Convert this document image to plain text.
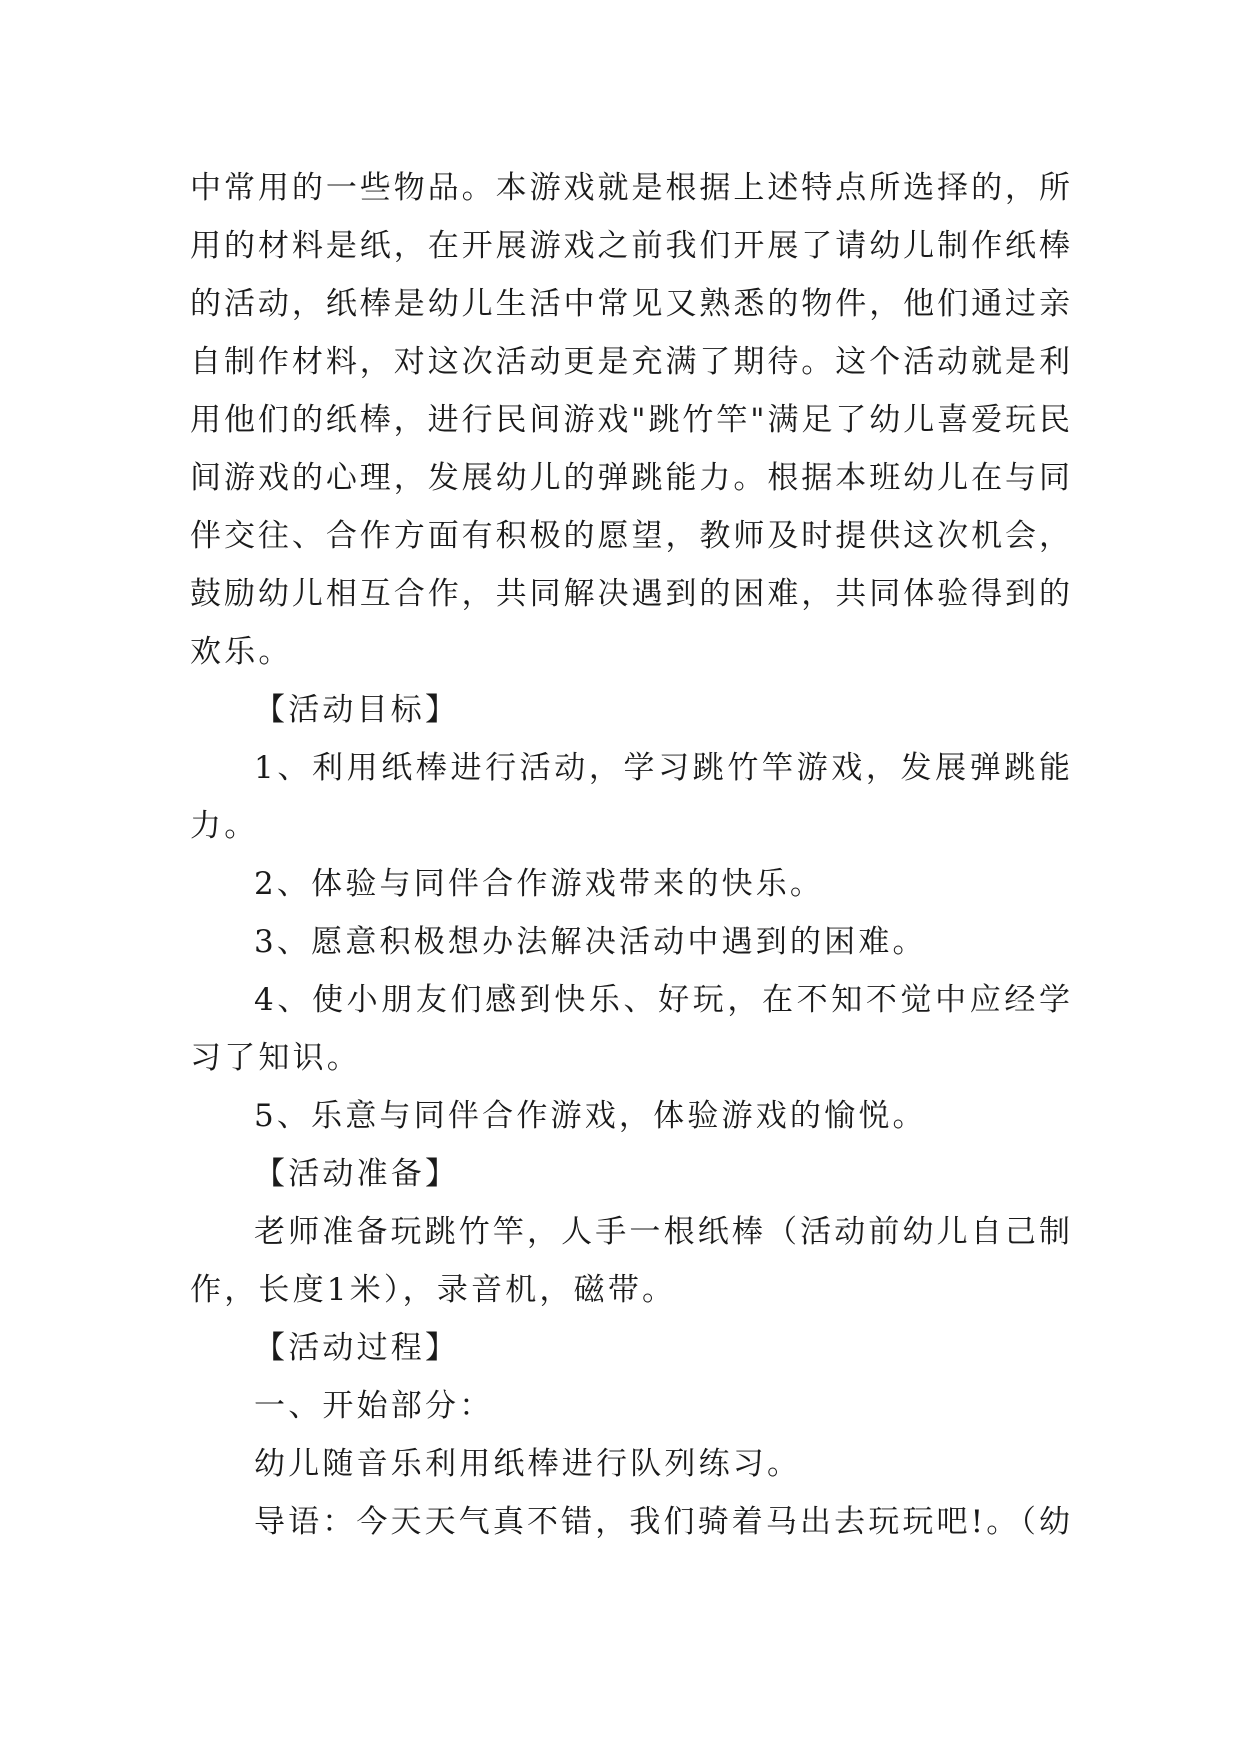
中常用的一些物品。本游戏就是根据上述特点所选择的，所
用的材料是纸，在开展游戏之前我们开展了请幼儿制作纸棒
的活动，纸棒是幼儿生活中常见又熟悉的物件，他们通过亲
自制作材料，对这次活动更是充满了期待。这个活动就是利
用他们的纸棒，进行民间游戏"跳竹竿"满足了幼儿喜爱玩民
间游戏的心理，发展幼儿的弹跳能力。根据本班幼儿在与同
伴交往、合作方面有积极的愿望，教师及时提供这次机会，
鼓励幼儿相互合作，共同解决遇到的困难，共同体验得到的
欢乐。
【活动目标】
1、利用纸棒进行活动，学习跳竹竿游戏，发展弹跳能
力。
2、体验与同伴合作游戏带来的快乐。
3、愿意积极想办法解决活动中遇到的困难。
4、使小朋友们感到快乐、好玩，在不知不觉中应经学
习了知识。
5、乐意与同伴合作游戏，体验游戏的愉悦。
【活动准备】
老师准备玩跳竹竿，人手一根纸棒（活动前幼儿自己制
作，长度1米），录音机，磁带。
【活动过程】
一、开始部分：
幼儿随音乐利用纸棒进行队列练习。
导语：今天天气真不错，我们骑着马出去玩玩吧!。（幼
